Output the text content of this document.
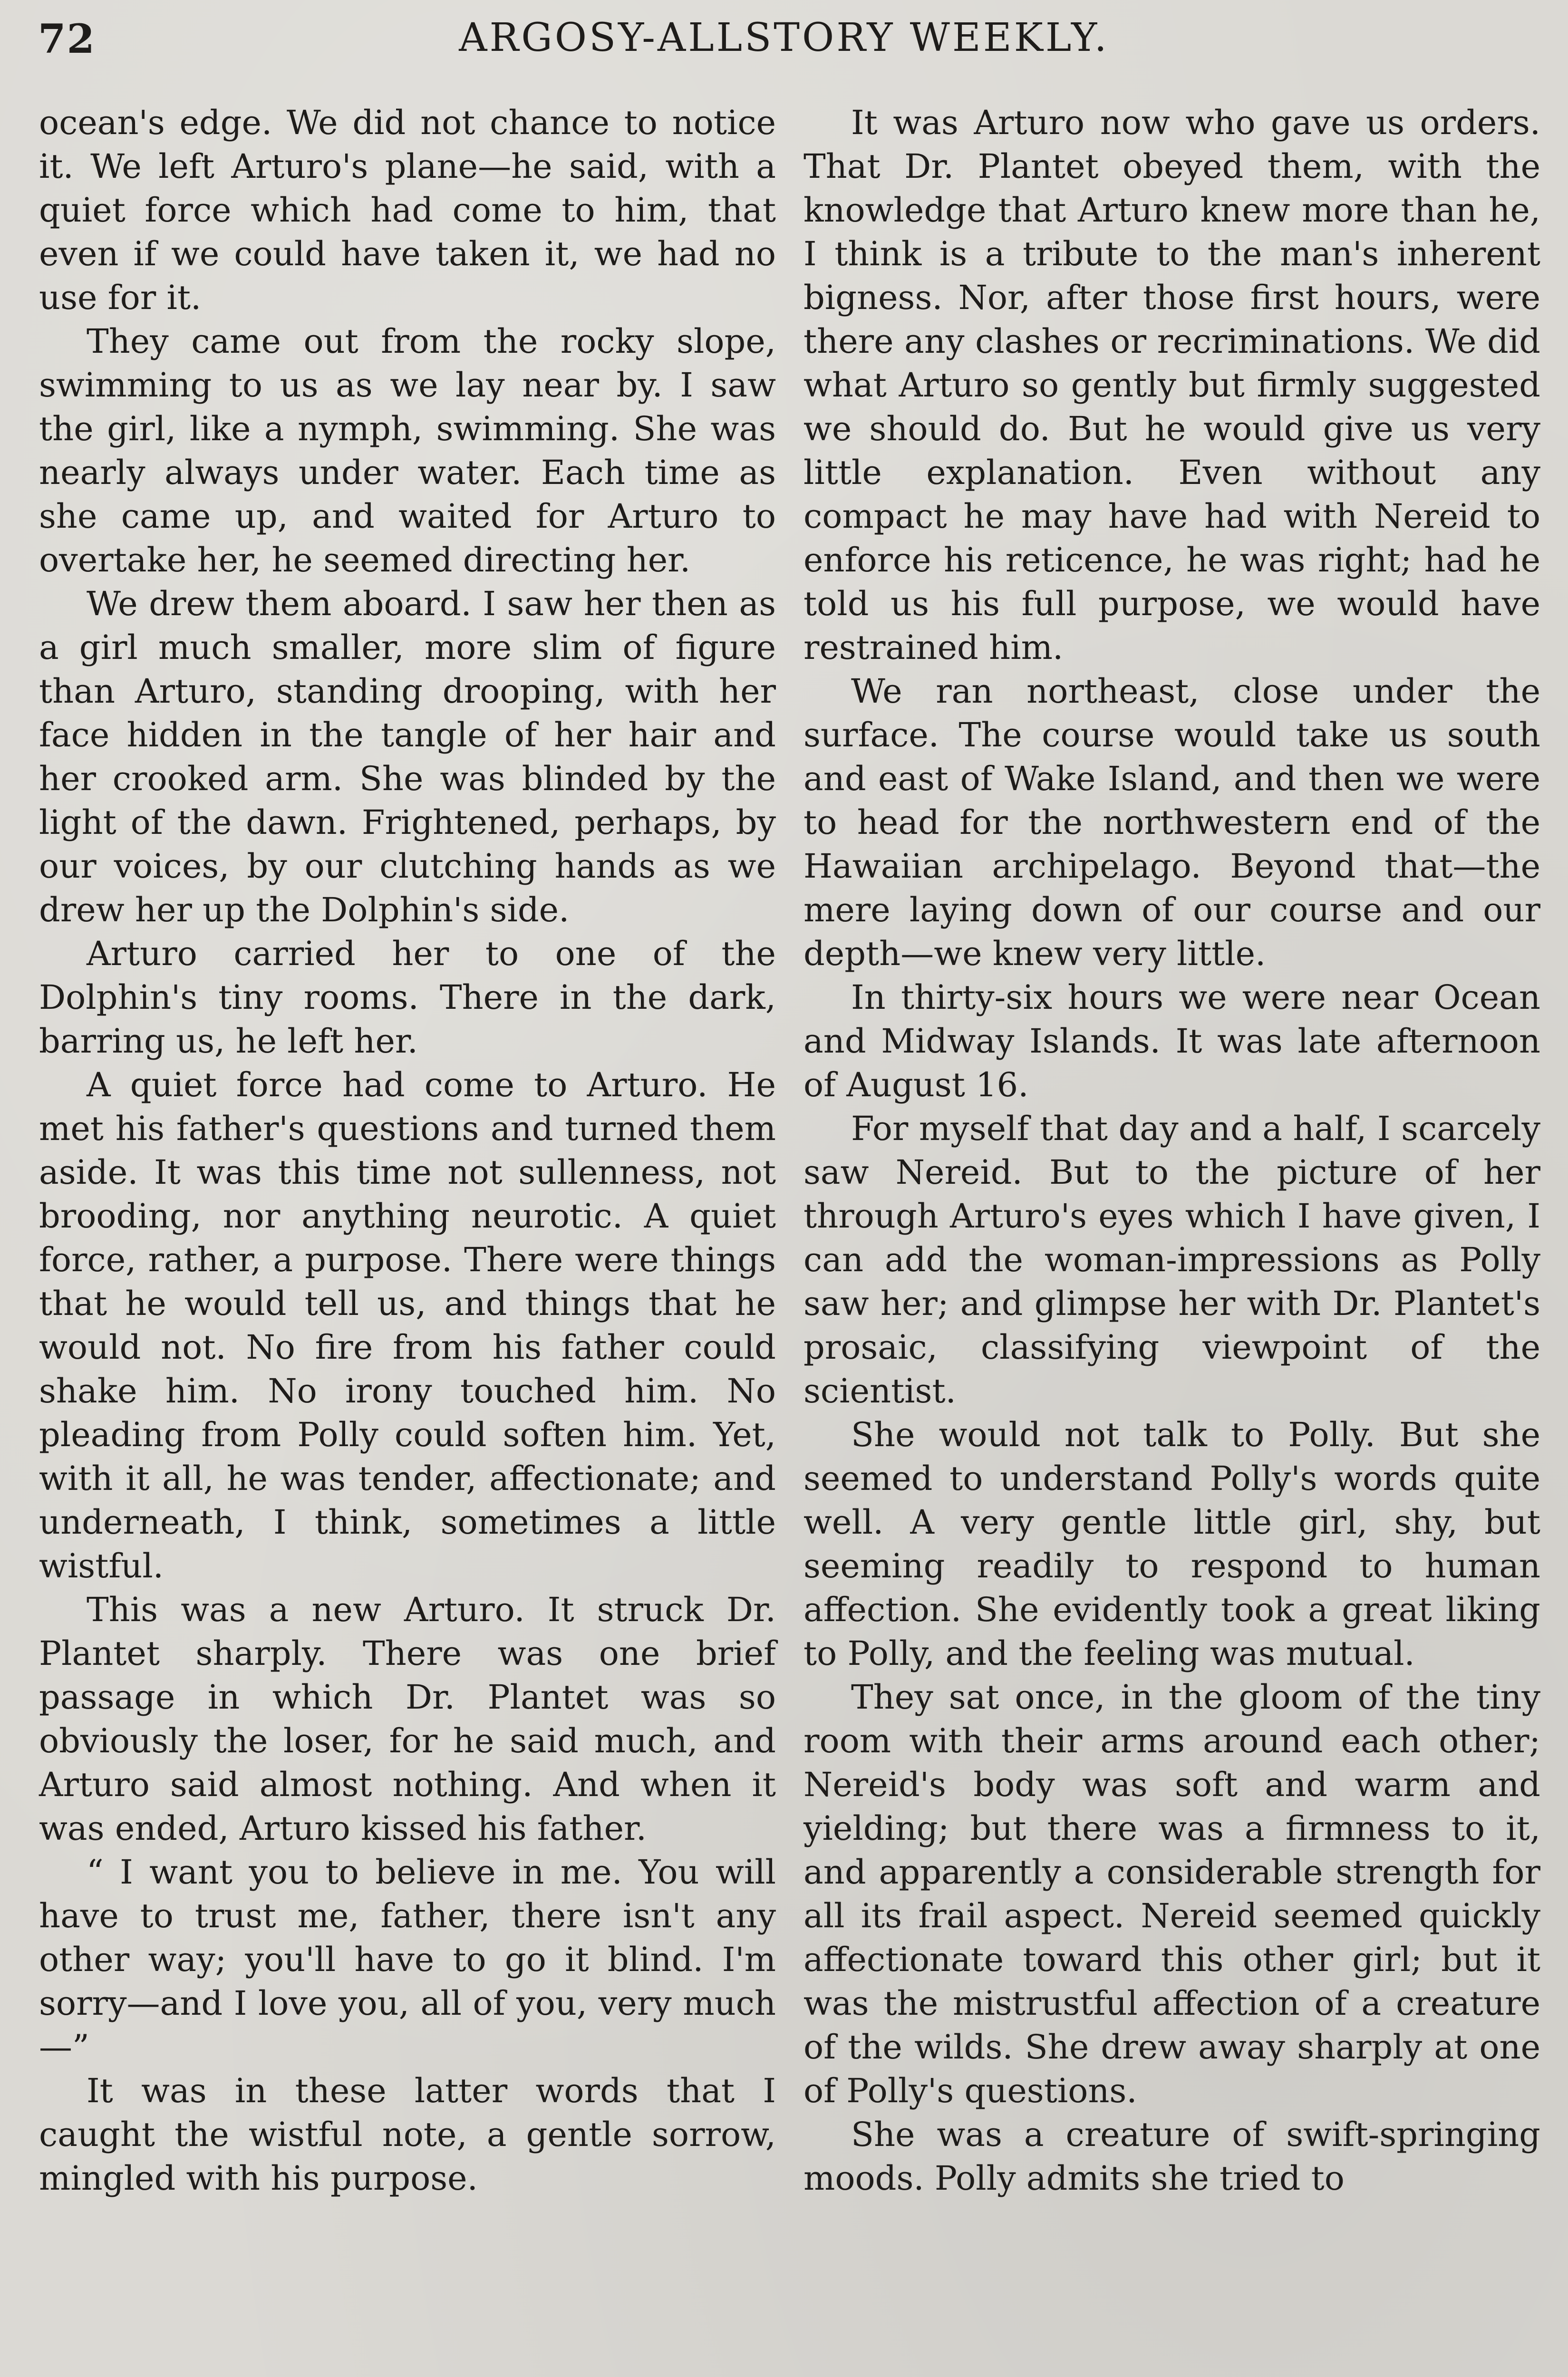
72	ARGOSY-ALLSTORY WEEKLY.

ocean's edge. We did not chance to notice it. We left Arturo's plane—he said, with a quiet force which had come to him, that even if we could have taken it, we had no use for it.

They came out from the rocky slope, swimming to us as we lay near by. I saw the girl, like a nymph, swimming. She was nearly always under water. Each time as she came up, and waited for Arturo to overtake her, he seemed directing her.

We drew them aboard. I saw her then as a girl much smaller, more slim of figure than Arturo, standing drooping, with her face hidden in the tangle of her hair and her crooked arm. She was blinded by the light of the dawn. Frightened, perhaps, by our voices, by our clutching hands as we drew her up the Dolphin's side.

Arturo carried her to one of the Dolphin's tiny rooms. There in the dark, barring us, he left her.

A quiet force had come to Arturo. He met his father's questions and turned them aside. It was this time not sullenness, not brooding, nor anything neurotic. A quiet force, rather, a purpose. There were things that he would tell us, and things that he would not. No fire from his father could shake him. No irony touched him. No pleading from Polly could soften him. Yet, with it all, he was tender, affectionate; and underneath, I think, sometimes a little wistful.

This was a new Arturo. It struck Dr. Plantet sharply. There was one brief passage in which Dr. Plantet was so obviously the loser, for he said much, and Arturo said almost nothing. And when it was ended, Arturo kissed his father.

“ I want you to believe in me. You will have to trust me, father, there isn't any other way; you'll have to go it blind. I'm sorry—and I love you, all of you, very much—”

It was in these latter words that I caught the wistful note, a gentle sorrow, mingled with his purpose.

It was Arturo now who gave us orders. That Dr. Plantet obeyed them, with the knowledge that Arturo knew more than he, I think is a tribute to the man's inherent bigness. Nor, after those first hours, were there any clashes or recriminations. We did what Arturo so gently but firmly suggested we should do. But he would give us very little explanation. Even without any compact he may have had with Nereid to enforce his reticence, he was right; had he told us his full purpose, we would have restrained him.

We ran northeast, close under the surface. The course would take us south and east of Wake Island, and then we were to head for the northwestern end of the Hawaiian archipelago. Beyond that—the mere laying down of our course and our depth—we knew very little.

In thirty-six hours we were near Ocean and Midway Islands. It was late afternoon of August 16.

For myself that day and a half, I scarcely saw Nereid. But to the picture of her through Arturo's eyes which I have given, I can add the woman-impressions as Polly saw her; and glimpse her with Dr. Plantet's prosaic, classifying viewpoint of the scientist.

She would not talk to Polly. But she seemed to understand Polly's words quite well. A very gentle little girl, shy, but seeming readily to respond to human affection. She evidently took a great liking to Polly, and the feeling was mutual.

They sat once, in the gloom of the tiny room with their arms around each other; Nereid's body was soft and warm and yielding; but there was a firmness to it, and apparently a considerable strength for all its frail aspect. Nereid seemed quickly affectionate toward this other girl; but it was the mistrustful affection of a creature of the wilds. She drew away sharply at one of Polly's questions.

She was a creature of swift-springing moods. Polly admits she tried to
